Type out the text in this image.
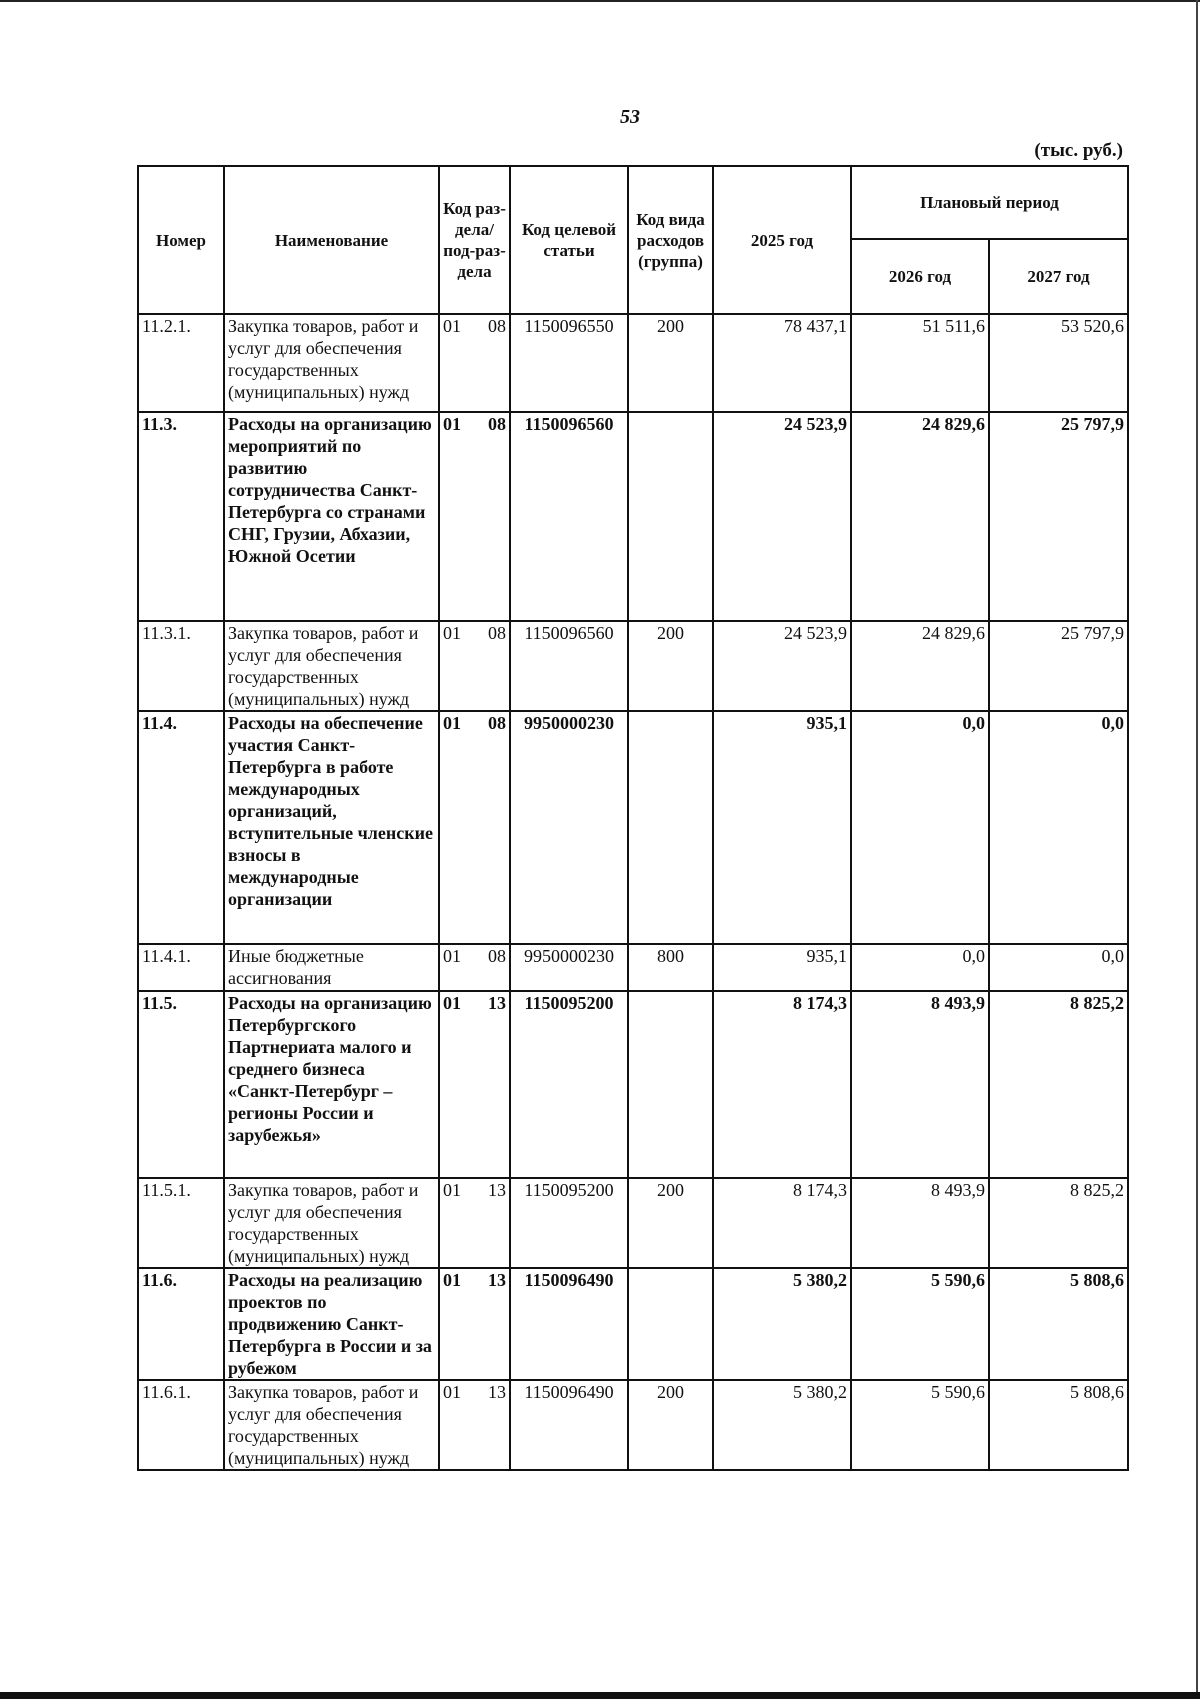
53
(тыс. руб.)
Номер	Наименование	Код раз-дела/ под-раз-дела	Код целевой статьи	Код вида расходов (группа)	2025 год	Плановый период	
						2026 год	2027 год
11.2.1.	Закупка товаров, работ и услуг для обеспечения государственных (муниципальных) нужд	01 08	1150096550	200	78 437,1	51 511,6	53 520,6
11.3.	Расходы на организацию мероприятий по развитию сотрудничества Санкт-Петербурга со странами СНГ, Грузии, Абхазии, Южной Осетии	01 08	1150096560		24 523,9	24 829,6	25 797,9
11.3.1.	Закупка товаров, работ и услуг для обеспечения государственных (муниципальных) нужд	01 08	1150096560	200	24 523,9	24 829,6	25 797,9
11.4.	Расходы на обеспечение участия Санкт-Петербурга в работе международных организаций, вступительные членские взносы в международные организации	01 08	9950000230		935,1	0,0	0,0
11.4.1.	Иные бюджетные ассигнования	01 08	9950000230	800	935,1	0,0	0,0
11.5.	Расходы на организацию Петербургского Партнериата малого и среднего бизнеса «Санкт-Петербург – регионы России и зарубежья»	01 13	1150095200		8 174,3	8 493,9	8 825,2
11.5.1.	Закупка товаров, работ и услуг для обеспечения государственных (муниципальных) нужд	01 13	1150095200	200	8 174,3	8 493,9	8 825,2
11.6.	Расходы на реализацию проектов по продвижению Санкт-Петербурга в России и за рубежом	01 13	1150096490		5 380,2	5 590,6	5 808,6
11.6.1.	Закупка товаров, работ и услуг для обеспечения государственных (муниципальных) нужд	01 13	1150096490	200	5 380,2	5 590,6	5 808,6
